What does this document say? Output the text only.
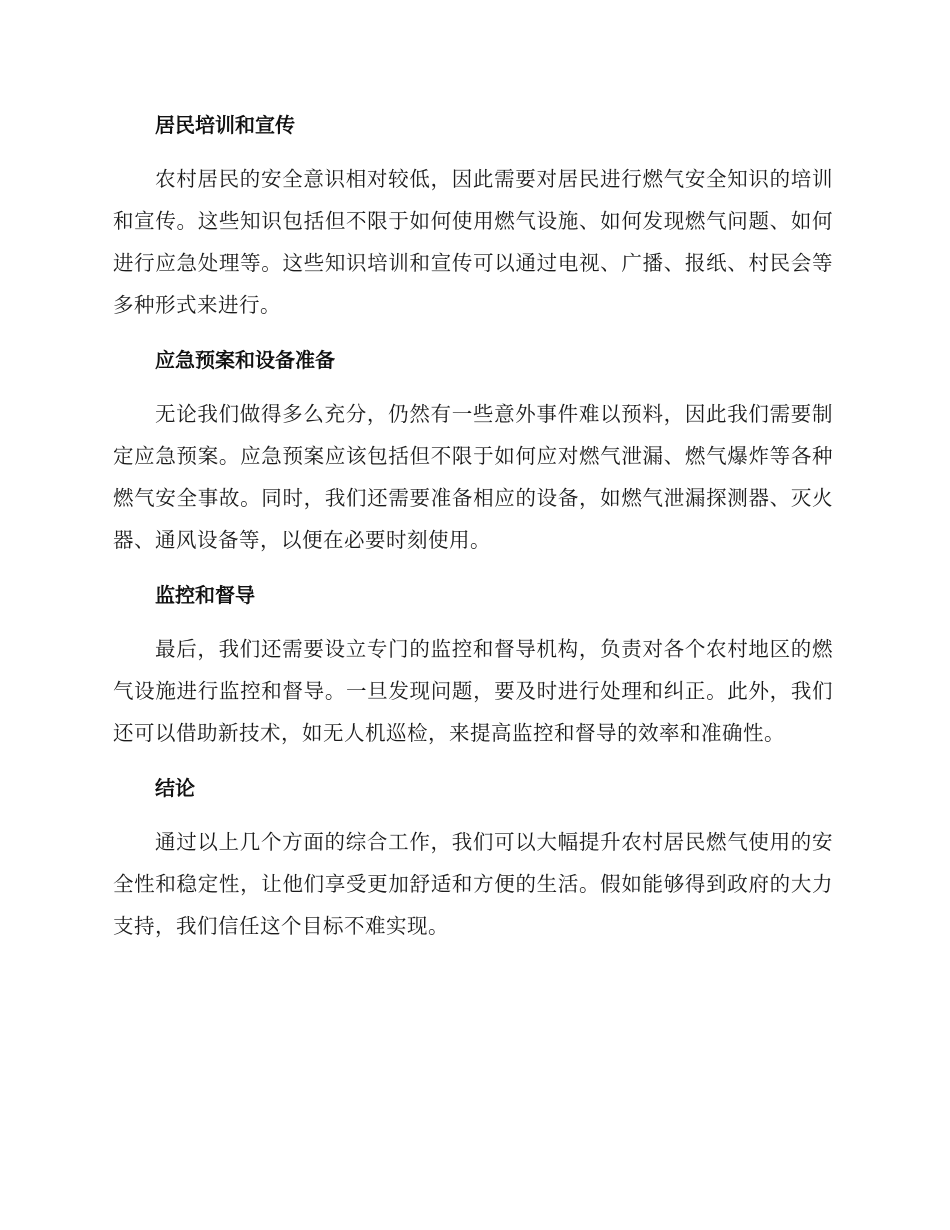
居民培训和宣传

农村居民的安全意识相对较低，因此需要对居民进行燃气安全知识的培训和宣传。这些知识包括但不限于如何使用燃气设施、如何发现燃气问题、如何进行应急处理等。这些知识培训和宣传可以通过电视、广播、报纸、村民会等多种形式来进行。

应急预案和设备准备

无论我们做得多么充分，仍然有一些意外事件难以预料，因此我们需要制定应急预案。应急预案应该包括但不限于如何应对燃气泄漏、燃气爆炸等各种燃气安全事故。同时，我们还需要准备相应的设备，如燃气泄漏探测器、灭火器、通风设备等，以便在必要时刻使用。

监控和督导

最后，我们还需要设立专门的监控和督导机构，负责对各个农村地区的燃气设施进行监控和督导。一旦发现问题，要及时进行处理和纠正。此外，我们还可以借助新技术，如无人机巡检，来提高监控和督导的效率和准确性。

结论

通过以上几个方面的综合工作，我们可以大幅提升农村居民燃气使用的安全性和稳定性，让他们享受更加舒适和方便的生活。假如能够得到政府的大力支持，我们信任这个目标不难实现。
